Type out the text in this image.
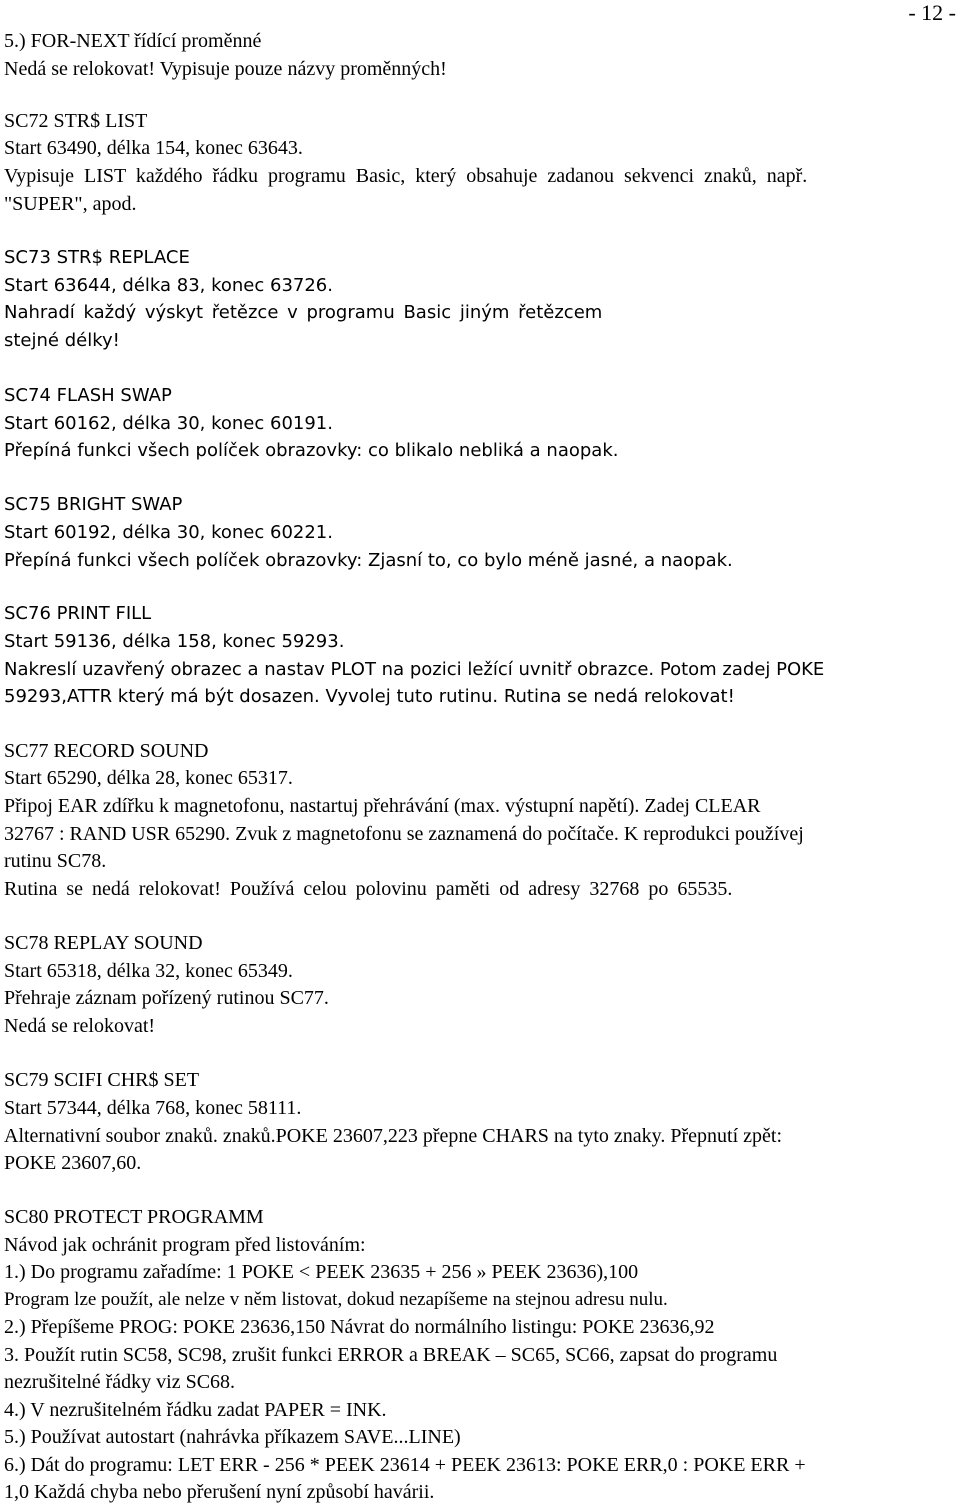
- 12 -

5.) FOR-NEXT řídící proměnné

Nedá se relokovat! Vypisuje pouze názvy proměnných!

SC72 STR$ LIST

Start 63490, délka 154, konec 63643.

Vypisuje LIST každého řádku programu Basic, který obsahuje zadanou sekvenci znaků, např.

"SUPER", apod.

SC73 STR$ REPLACE

Start 63644, délka 83, konec 63726.

Nahradí každý výskyt řetězce v programu Basic jiným řetězcem

stejné délky!

SC74 FLASH SWAP

Start 60162, délka 30, konec 60191.

Přepíná funkci všech políček obrazovky: co blikalo nebliká a naopak.

SC75 BRIGHT SWAP

Start 60192, délka 30, konec 60221.

Přepíná funkci všech políček obrazovky: Zjasní to, co bylo méně jasné, a naopak.

SC76 PRINT FILL

Start 59136, délka 158, konec 59293.

Nakreslí uzavřený obrazec a nastav PLOT na pozici ležící uvnitř obrazce. Potom zadej POKE

59293,ATTR který má být dosazen. Vyvolej tuto rutinu. Rutina se nedá relokovat!

SC77 RECORD SOUND

Start 65290, délka 28, konec 65317.

Připoj EAR zdířku k magnetofonu, nastartuj přehrávání (max. výstupní napětí). Zadej CLEAR

32767 : RAND USR 65290. Zvuk z magnetofonu se zaznamená do počítače. K reprodukci používej

rutinu SC78.

Rutina se nedá relokovat! Používá celou polovinu paměti od adresy 32768 po 65535.

SC78 REPLAY SOUND

Start 65318, délka 32, konec 65349.

Přehraje záznam pořízený rutinou SC77.

Nedá se relokovat!

SC79 SCIFI CHR$ SET

Start 57344, délka 768, konec 58111.

Alternativní soubor znaků. znaků.POKE 23607,223 přepne CHARS na tyto znaky. Přepnutí zpět:

POKE 23607,60.

SC80 PROTECT PROGRAMM

Návod jak ochránit program před listováním:

1.) Do programu zařadíme: 1 POKE < PEEK 23635 + 256 » PEEK 23636),100

Program lze použít, ale nelze v něm listovat, dokud nezapíšeme na stejnou adresu nulu.

2.) Přepíšeme PROG: POKE 23636,150 Návrat do normálního listingu: POKE 23636,92

3. Použít rutin SC58, SC98, zrušit funkci ERROR a BREAK – SC65, SC66, zapsat do programu

nezrušitelné řádky viz SC68.

4.) V nezrušitelném řádku zadat PAPER = INK.

5.) Používat autostart (nahrávka příkazem SAVE...LINE)

6.) Dát do programu: LET ERR - 256 * PEEK 23614 + PEEK 23613: POKE ERR,0 : POKE ERR +

1,0 Každá chyba nebo přerušení nyní způsobí havárii.
